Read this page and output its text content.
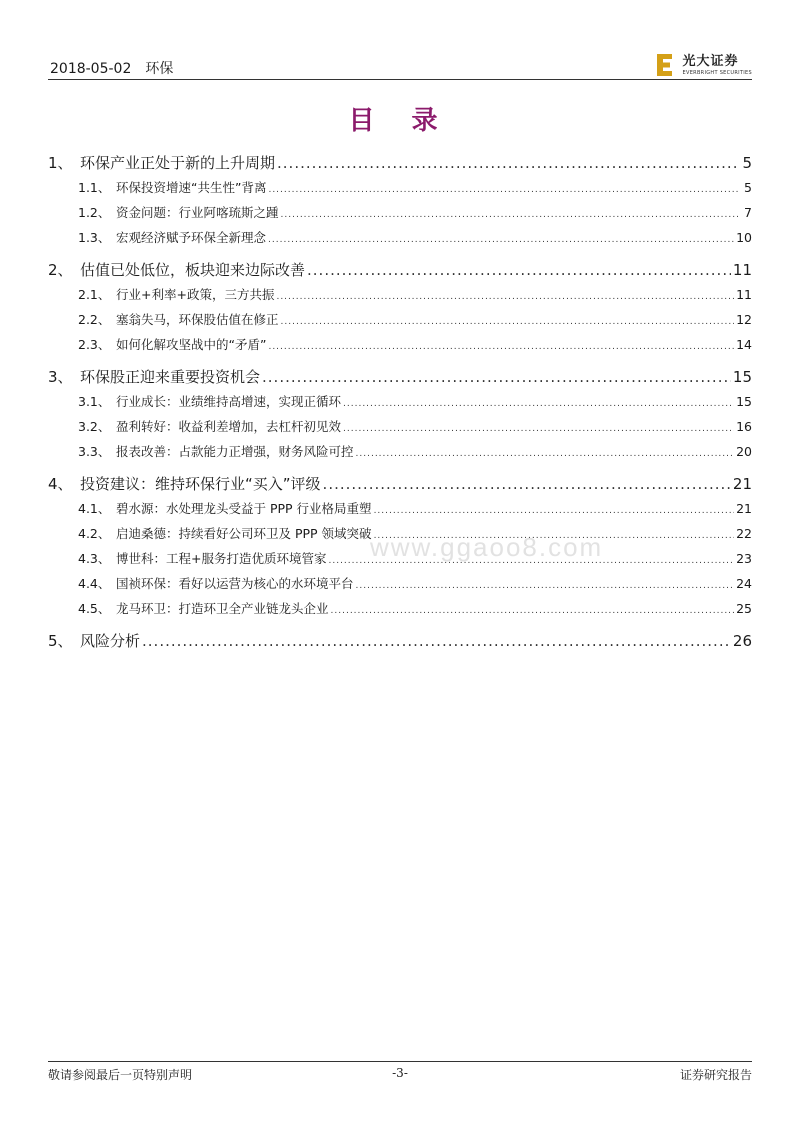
2018-05-02 环保	光大证券
EVERBRIGHT SECURITIES
目 录
1、 环保产业正处于新的上升周期 .....	5
1.1、 环保投资增速“共生性”背离 .....	5
1.2、 资金问题：行业阿喀琉斯之踵 .....	7
1.3、 宏观经济赋予环保全新理念 .....	10
2、 估值已处低位，板块迎来边际改善 .....	11
2.1、 行业+利率+政策，三方共振 .....	11
2.2、 塞翁失马，环保股估值在修正 .....	12
2.3、 如何化解攻坚战中的“矛盾” .....	14
3、 环保股正迎来重要投资机会 .....	15
3.1、 行业成长：业绩维持高增速，实现正循环 .....	15
3.2、 盈利转好：收益利差增加，去杠杆初见效 .....	16
3.3、 报表改善：占款能力正增强，财务风险可控 .....	20
4、 投资建议：维持环保行业“买入”评级 .....	21
4.1、 碧水源：水处理龙头受益于 PPP 行业格局重塑 .....	21
4.2、 启迪桑德：持续看好公司环卫及 PPP 领域突破 .....	22
4.3、 博世科：工程+服务打造优质环境管家 .....	23
4.4、 国祯环保：看好以运营为核心的水环境平台 .....	24
4.5、 龙马环卫：打造环卫全产业链龙头企业 .....	25
5、 风险分析 .....	26
www.ggaoo8.com
敬请参阅最后一页特别声明	-3-	证券研究报告
